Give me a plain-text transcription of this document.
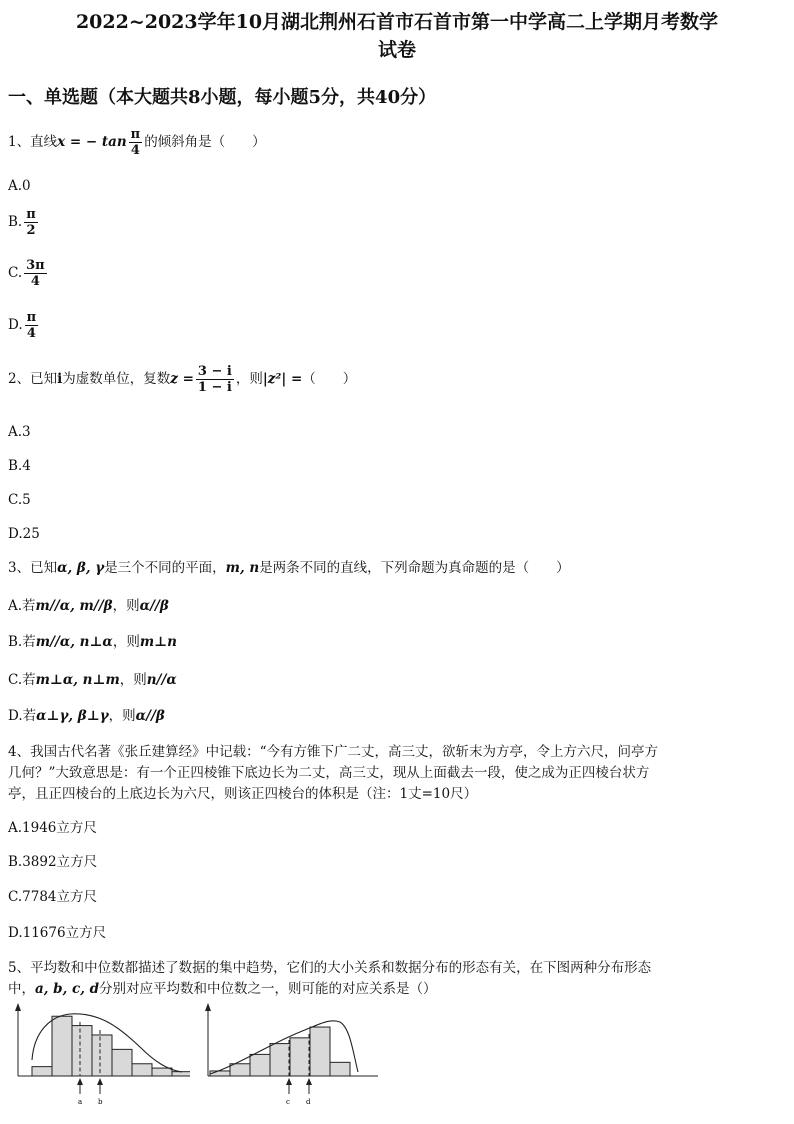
2022~2023学年10月湖北荆州石首市石首市第一中学高二上学期月考数学
试卷
一、单选题（本大题共8小题，每小题5分，共40分）
1、直线x = − $\tan \frac{\pi}{4}$ 的倾斜角是（　　）
A.0
B. $\frac{\pi}{2}$
C. $\frac{3\pi}{4}$
D. $\frac{\pi}{4}$
2、已知i为虚数单位，复数$z = \frac{3 - i}{1 - i}$ ，则|z²| =（　　）
A.3
B.4
C.5
D.25
3、已知α, β, γ是三个不同的平面，m, n是两条不同的直线，下列命题为真命题的是（　　）
A.若m//α, m//β，则α//β
B.若m//α, n⊥α，则m⊥n
C.若m⊥α, n⊥m，则n//α
D.若α⊥γ, β⊥γ，则α//β
4、我国古代名著《张丘建算经》中记载：“今有方锥下广二丈，高三丈，欲斩末为方亭，令上方六尺，问亭方
几何？”大致意思是：有一个正四棱锥下底边长为二丈，高三丈，现从上面截去一段，使之成为正四棱台状方
亭，且正四棱台的上底边长为六尺，则该正四棱台的体积是（注：1丈=10尺）
A.1946立方尺
B.3892立方尺
C.7784立方尺
D.11676立方尺
5、平均数和中位数都描述了数据的集中趋势，它们的大小关系和数据分布的形态有关，在下图两种分布形态
中，a, b, c, d分别对应平均数和中位数之一，则可能的对应关系是（）
a b	c d
